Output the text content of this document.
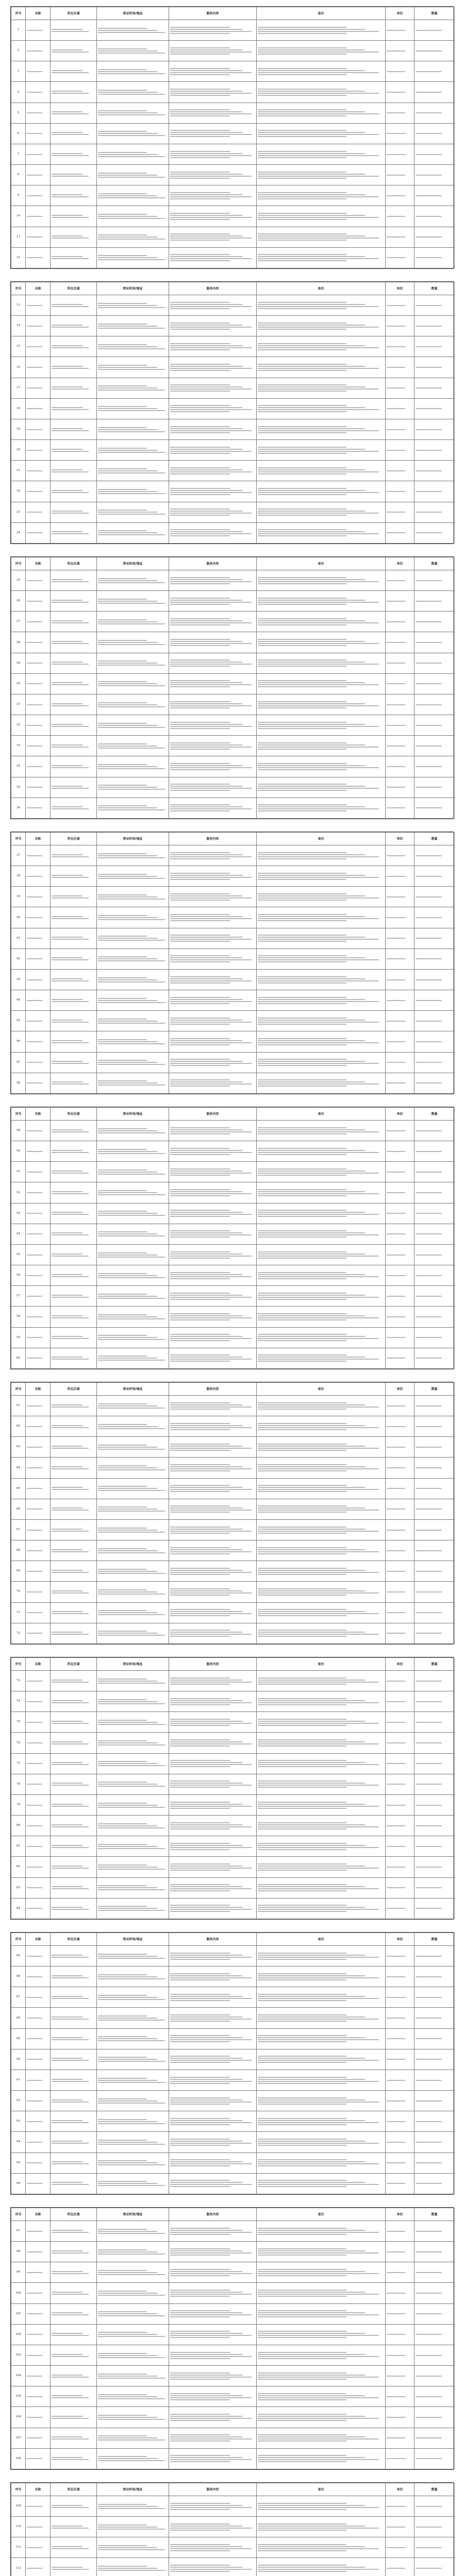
序号	名称	所在区域	营业时间/地址	服务内容	备注	单位	数量
1	

2	

3	

4	

5	

6	

7	

8	

9	

10	

11	

12	

序号	名称	所在区域	营业时间/地址	服务内容	备注	单位	数量
13	

14	

15	

16	

17	

18	

19	

20	

21	

22	

23	

24	

序号	名称	所在区域	营业时间/地址	服务内容	备注	单位	数量
25	

26	

27	

28	

29	

30	

31	

32	

33	

34	

35	

36	

序号	名称	所在区域	营业时间/地址	服务内容	备注	单位	数量
37	

38	

39	

40	

41	

42	

43	

44	

45	

46	

47	

48	

序号	名称	所在区域	营业时间/地址	服务内容	备注	单位	数量
49	

50	

51	

52	

53	

54	

55	

56	

57	

58	

59	

60	

序号	名称	所在区域	营业时间/地址	服务内容	备注	单位	数量
61	

62	

63	

64	

65	

66	

67	

68	

69	

70	

71	

72	

序号	名称	所在区域	营业时间/地址	服务内容	备注	单位	数量
73	

74	

75	

76	

77	

78	

79	

80	

81	

82	

83	

84	

序号	名称	所在区域	营业时间/地址	服务内容	备注	单位	数量
85	

86	

87	

88	

89	

90	

91	

92	

93	

94	

95	

96	

序号	名称	所在区域	营业时间/地址	服务内容	备注	单位	数量
97	

98	

99	

100	

101	

102	

103	

104	

105	

106	

107	

108	

序号	名称	所在区域	营业时间/地址	服务内容	备注	单位	数量
109	

110	

111	

112	
